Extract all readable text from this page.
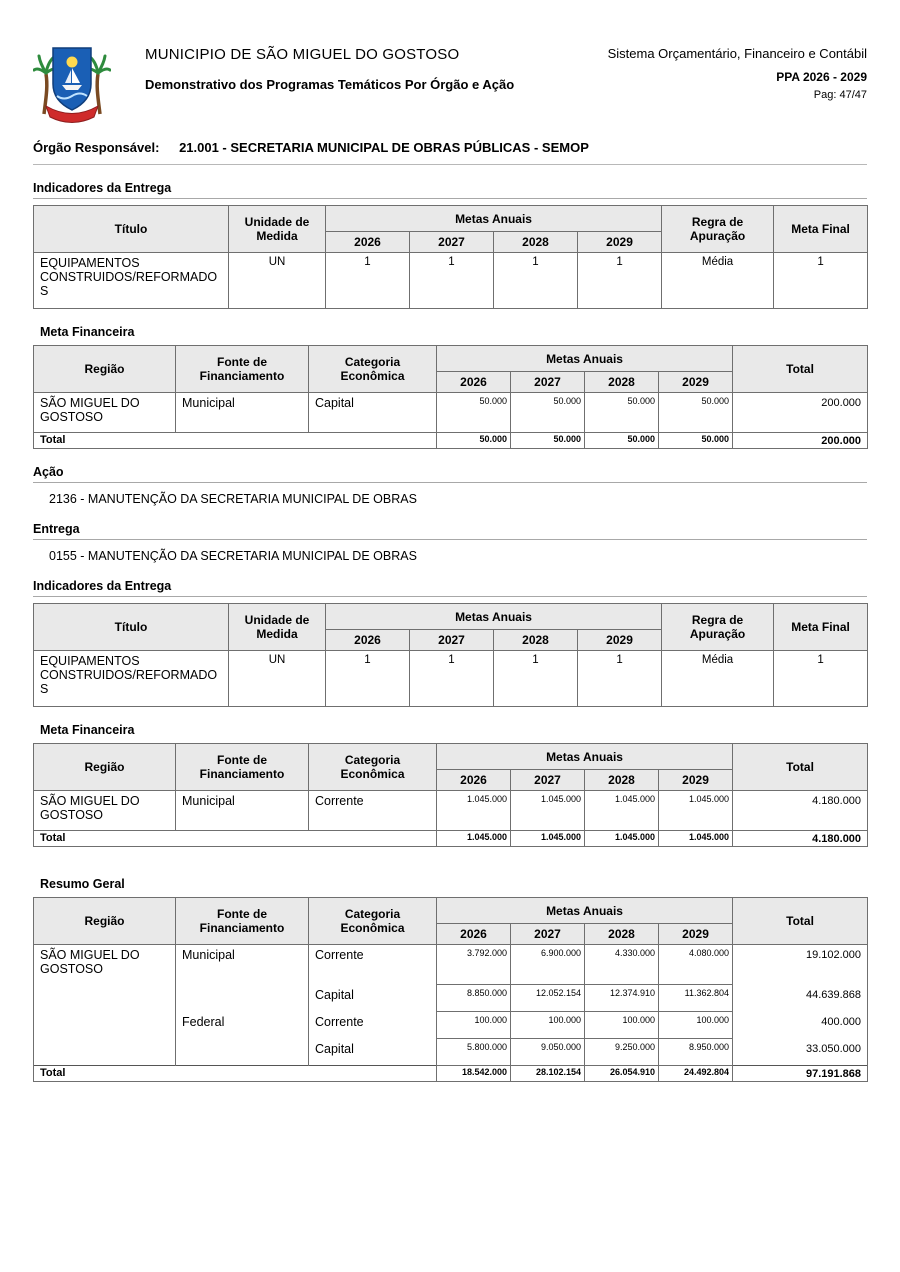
MUNICIPIO DE SÃO MIGUEL DO GOSTOSO
Demonstrativo dos Programas Temáticos Por Órgão e Ação
Sistema Orçamentário, Financeiro e Contábil
PPA 2026 - 2029
Pag: 47/47
Órgão Responsável: 21.001 - SECRETARIA MUNICIPAL DE OBRAS PÚBLICAS - SEMOP
Indicadores da Entrega
Título	Unidade de Medida	Metas Anuais				Regra de Apuração	Meta Final
		2026	2027	2028	2029		
EQUIPAMENTOS CONSTRUIDOS/REFORMADOS	UN	1	1	1	1	Média	1
Meta Financeira
Região	Fonte de Financiamento	Categoria Econômica	Metas Anuais				Total
			2026	2027	2028	2029	
SÃO MIGUEL DO GOSTOSO	Municipal	Capital	50.000	50.000	50.000	50.000	200.000
Total			50.000	50.000	50.000	50.000	200.000
Ação
2136 - MANUTENÇÃO DA SECRETARIA MUNICIPAL DE OBRAS
Entrega
0155 - MANUTENÇÃO DA SECRETARIA MUNICIPAL DE OBRAS
Indicadores da Entrega
Título	Unidade de Medida	Metas Anuais				Regra de Apuração	Meta Final
		2026	2027	2028	2029		
EQUIPAMENTOS CONSTRUIDOS/REFORMADOS	UN	1	1	1	1	Média	1
Meta Financeira
Região	Fonte de Financiamento	Categoria Econômica	Metas Anuais				Total
			2026	2027	2028	2029	
SÃO MIGUEL DO GOSTOSO	Municipal	Corrente	1.045.000	1.045.000	1.045.000	1.045.000	4.180.000
Total			1.045.000	1.045.000	1.045.000	1.045.000	4.180.000
Resumo Geral
Região	Fonte de Financiamento	Categoria Econômica	Metas Anuais				Total
			2026	2027	2028	2029	
SÃO MIGUEL DO GOSTOSO	Municipal	Corrente	3.792.000	6.900.000	4.330.000	4.080.000	19.102.000
		Capital	8.850.000	12.052.154	12.374.910	11.362.804	44.639.868
	Federal	Corrente	100.000	100.000	100.000	100.000	400.000
		Capital	5.800.000	9.050.000	9.250.000	8.950.000	33.050.000
Total			18.542.000	28.102.154	26.054.910	24.492.804	97.191.868
